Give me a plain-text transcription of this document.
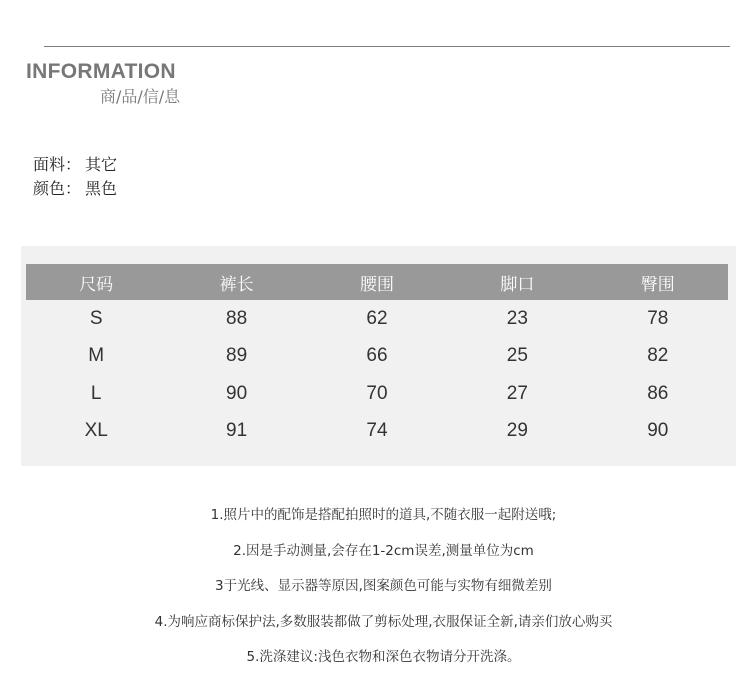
INFORMATION
商/品/信/息
面料： 其它
颜色： 黑色
尺码	裤长	腰围	脚口	臀围
S	88	62	23	78
M	89	66	25	82
L	90	70	27	86
XL	91	74	29	90
1.照片中的配饰是搭配拍照时的道具,不随衣服一起附送哦;
2.因是手动测量,会存在1-2cm误差,测量单位为cm
3于光线、显示器等原因,图案颜色可能与实物有细微差别
4.为响应商标保护法,多数服装都做了剪标处理,衣服保证全新,请亲们放心购买
5.洗涤建议:浅色衣物和深色衣物请分开洗涤。
